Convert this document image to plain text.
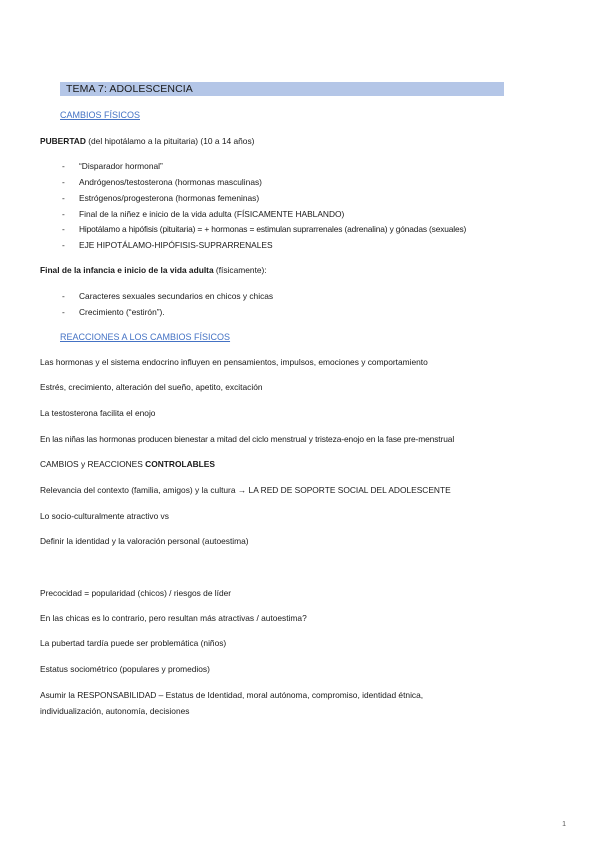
TEMA 7: ADOLESCENCIA
CAMBIOS FÍSICOS
PUBERTAD (del hipotálamo a la pituitaria) (10 a 14 años)
- “Disparador hormonal”
- Andrógenos/testosterona (hormonas masculinas)
- Estrógenos/progesterona (hormonas femeninas)
- Final de la niñez e inicio de la vida adulta (FÍSICAMENTE HABLANDO)
- Hipotálamo a hipófisis (pituitaria) = + hormonas = estimulan suprarrenales (adrenalina) y gónadas (sexuales)
- EJE HIPOTÁLAMO-HIPÓFISIS-SUPRARRENALES
Final de la infancia e inicio de la vida adulta (físicamente):
- Caracteres sexuales secundarios en chicos y chicas
- Crecimiento (“estirón”).
REACCIONES A LOS CAMBIOS FÍSICOS
Las hormonas y el sistema endocrino influyen en pensamientos, impulsos, emociones y comportamiento
Estrés, crecimiento, alteración del sueño, apetito, excitación
La testosterona facilita el enojo
En las niñas las hormonas producen bienestar a mitad del ciclo menstrual y tristeza-enojo en la fase pre-menstrual
CAMBIOS y REACCIONES CONTROLABLES
Relevancia del contexto (familia, amigos) y la cultura → LA RED DE SOPORTE SOCIAL DEL ADOLESCENTE
Lo socio-culturalmente atractivo vs
Definir la identidad y la valoración personal (autoestima)
Precocidad = popularidad (chicos) / riesgos de líder
En las chicas es lo contrario, pero resultan más atractivas / autoestima?
La pubertad tardía puede ser problemática (niños)
Estatus sociométrico (populares y promedios)
Asumir la RESPONSABILIDAD – Estatus de Identidad, moral autónoma, compromiso, identidad étnica,
individualización, autonomía, decisiones
1
